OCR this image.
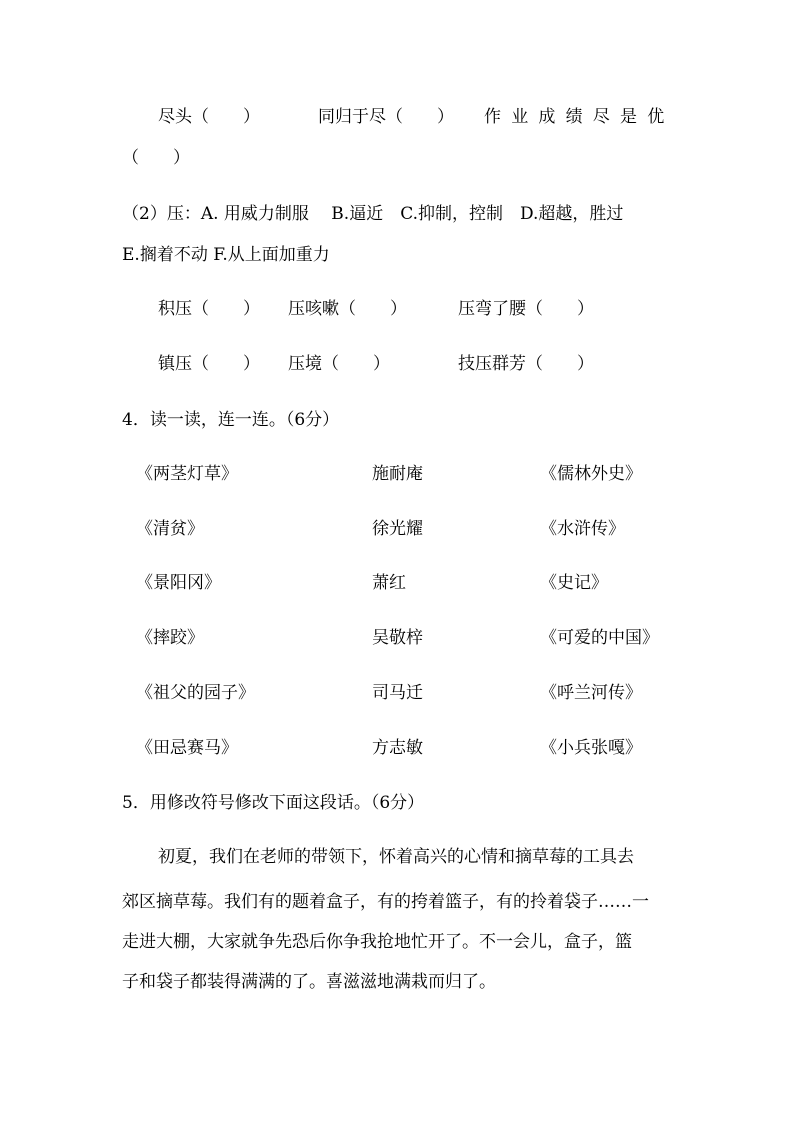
尽头（　　）	同归于尽（　　） 作业成绩尽是优
（　　）
（2）压：A. 用威力制服　 B.逼近　C.抑制，控制　D.超越，胜过
E.搁着不动 F.从上面加重力
积压（　　） 压咳嗽（　　）	压弯了腰（　　）
镇压（　　） 压境（　　）	技压群芳（　　）
4．读一读，连一连。（6分）
《两茎灯草》	施耐庵	《儒林外史》
《清贫》	徐光耀	《水浒传》
《景阳冈》	萧红	《史记》
《摔跤》	吴敬梓	《可爱的中国》
《祖父的园子》	司马迁	《呼兰河传》
《田忌赛马》	方志敏	《小兵张嘎》
5．用修改符号修改下面这段话。（6分）
初夏，我们在老师的带领下，怀着高兴的心情和摘草莓的工具去
郊区摘草莓。我们有的题着盒子，有的挎着篮子，有的拎着袋子……一
走进大棚，大家就争先恐后你争我抢地忙开了。不一会儿，盒子，篮
子和袋子都装得满满的了。喜滋滋地满栽而归了。
